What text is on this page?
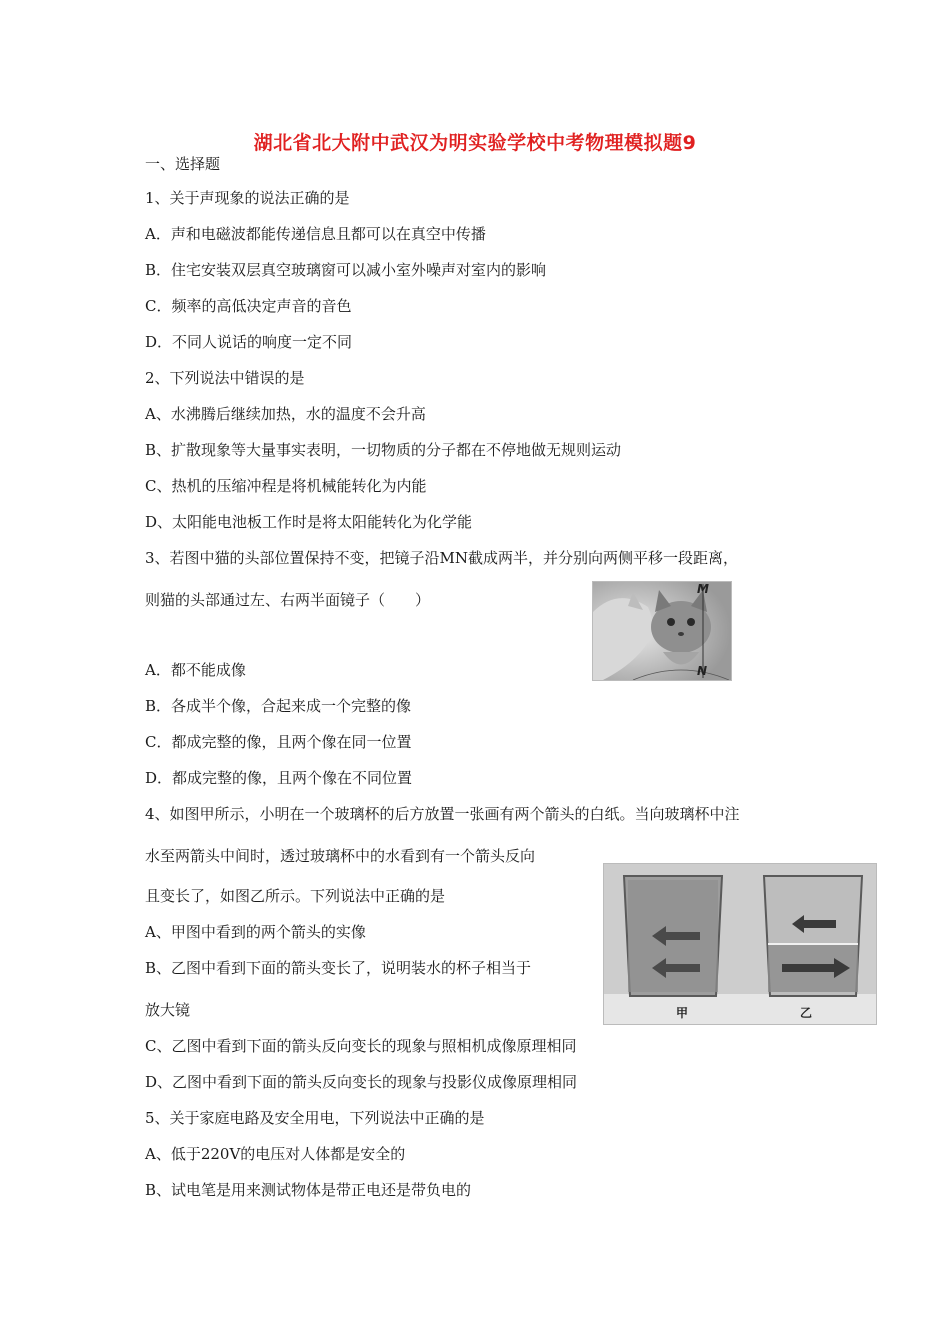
湖北省北大附中武汉为明实验学校中考物理模拟题9
一、选择题
1、关于声现象的说法正确的是
A．声和电磁波都能传递信息且都可以在真空中传播
B．住宅安装双层真空玻璃窗可以减小室外噪声对室内的影响
C．频率的高低决定声音的音色
D．不同人说话的响度一定不同
2、下列说法中错误的是
A、水沸腾后继续加热，水的温度不会升高
B、扩散现象等大量事实表明，一切物质的分子都在不停地做无规则运动
C、热机的压缩冲程是将机械能转化为内能
D、太阳能电池板工作时是将太阳能转化为化学能
3、若图中猫的头部位置保持不变，把镜子沿MN截成两半，并分别向两侧平移一段距离，
则猫的头部通过左、右两半面镜子（　　）
A．都不能成像
B．各成半个像，合起来成一个完整的像
C．都成完整的像，且两个像在同一位置
D．都成完整的像，且两个像在不同位置
M
N
4、如图甲所示，小明在一个玻璃杯的后方放置一张画有两个箭头的白纸。当向玻璃杯中注
水至两箭头中间时，透过玻璃杯中的水看到有一个箭头反向
且变长了，如图乙所示。下列说法中正确的是
A、甲图中看到的两个箭头的实像
B、乙图中看到下面的箭头变长了，说明装水的杯子相当于
放大镜
C、乙图中看到下面的箭头反向变长的现象与照相机成像原理相同
D、乙图中看到下面的箭头反向变长的现象与投影仪成像原理相同
甲	乙
5、关于家庭电路及安全用电，下列说法中正确的是
A、低于220V的电压对人体都是安全的
B、试电笔是用来测试物体是带正电还是带负电的
